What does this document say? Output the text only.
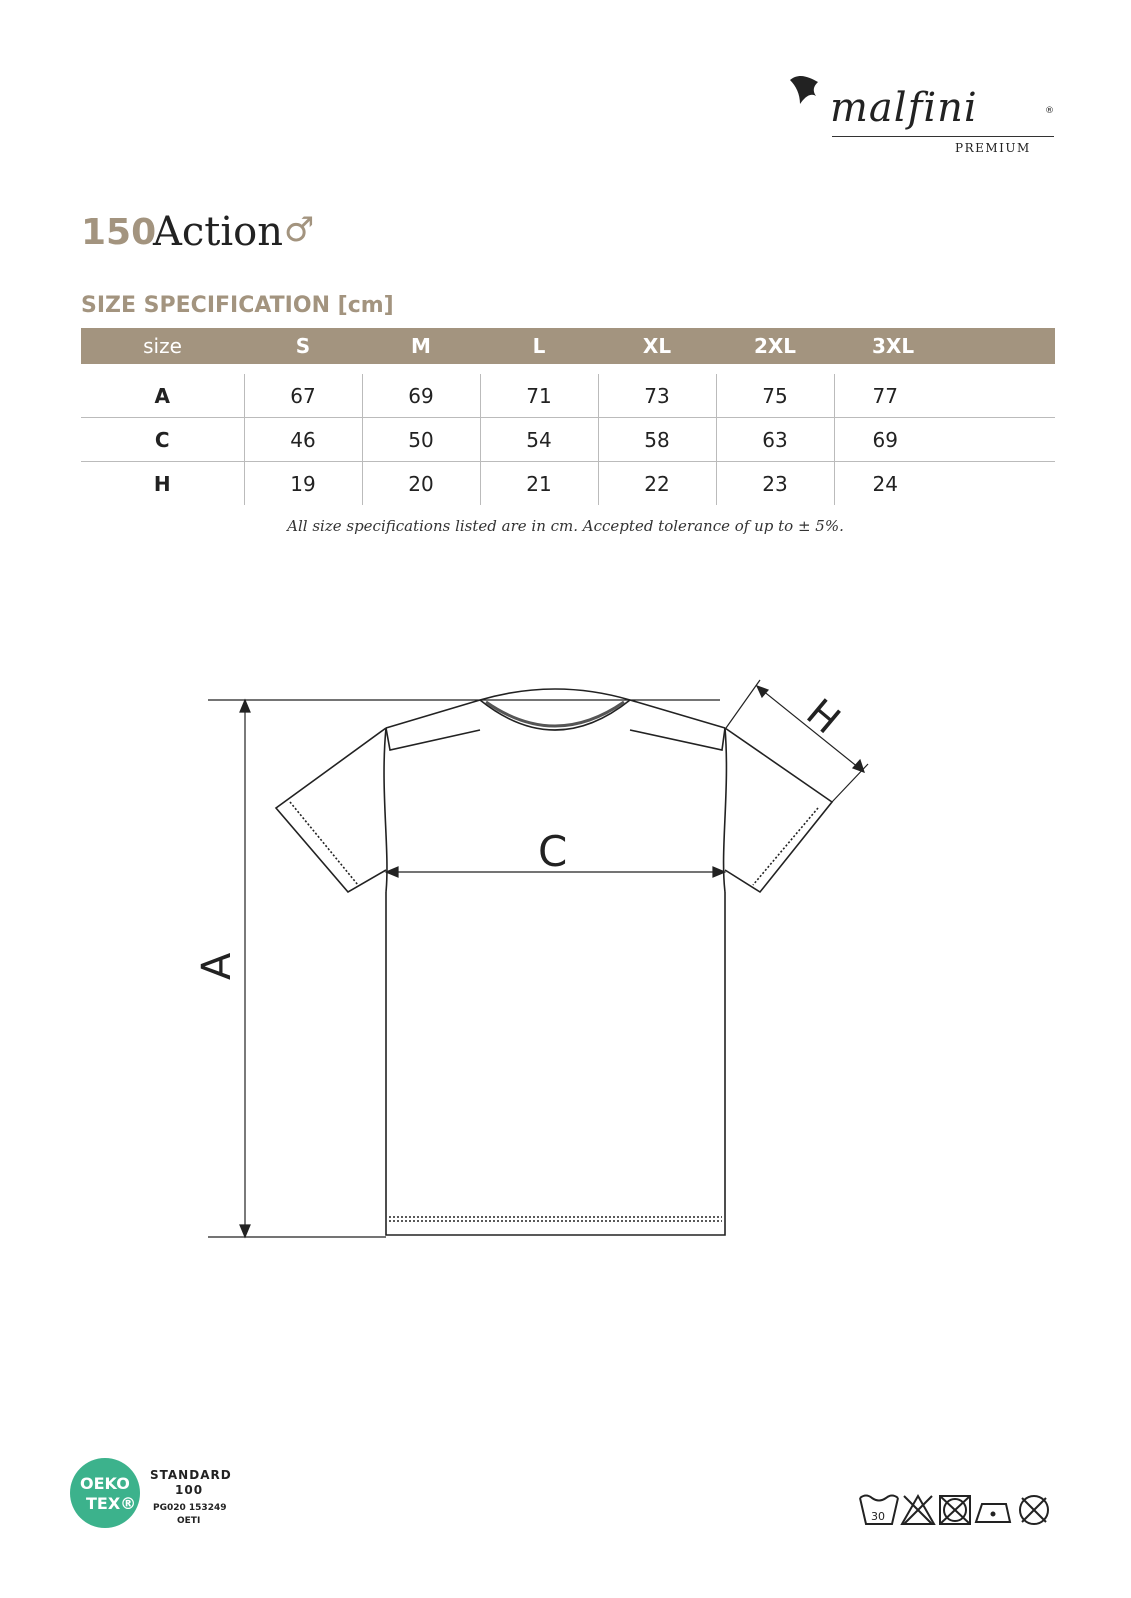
malfini	®
PREMIUM
150
Action ♂
SIZE SPECIFICATION [cm]
size	S	M	L	XL	2XL	3XL

A	67	69	71	73	75	77
C	46	50	54	58	63	69
H	19	20	21	22	23	24
All size specifications listed are in cm. Accepted tolerance of up to ± 5%.
A
C
H
OEKO
TEX®
STANDARD
100
PG020 153249
OETI	30
